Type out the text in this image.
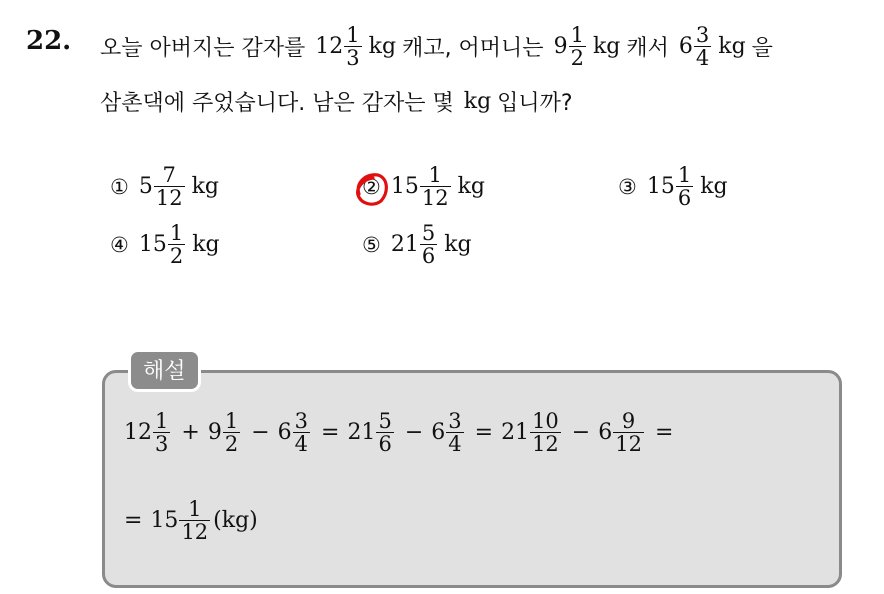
22. 오늘 아버지는 감자를 $12 \frac{1}{3}$ kg 캐고, 어머니는 $9 \frac{1}{2}$ kg 캐서 $6 \frac{3}{4}$ kg 을
삼촌댁에 주었습니다. 남은 감자는 몇 kg 입니까?
① $5 \frac{7}{12}$ kg	② $15 \frac{1}{12}$ kg	③ $15 \frac{1}{6}$ kg
④ $15 \frac{1}{2}$ kg	⑤ $21 \frac{5}{6}$ kg
해설
$12 \frac{1}{3} + 9 \frac{1}{2} - 6 \frac{3}{4} = 21 \frac{5}{6} - 6 \frac{3}{4} = 21 \frac{10}{12} - 6 \frac{9}{12}$ =
= $15 \frac{1}{12} (kg)$
